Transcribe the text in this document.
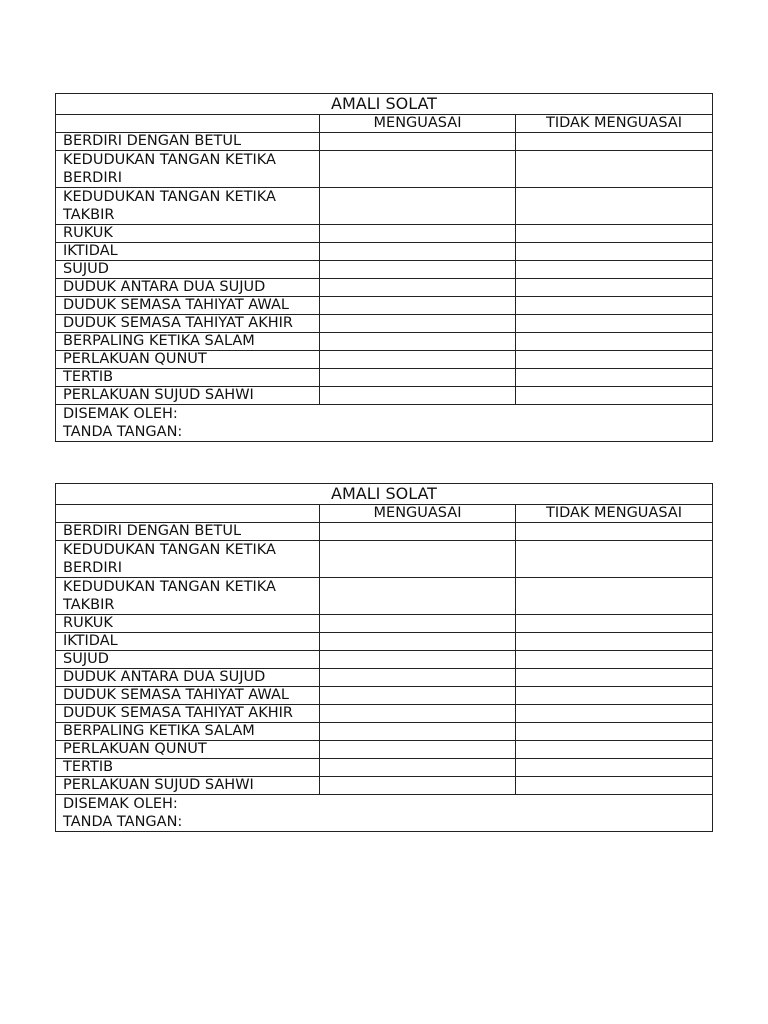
AMALI SOLAT		
	MENGUASAI	TIDAK MENGUASAI
BERDIRI DENGAN BETUL		
KEDUDUKAN TANGAN KETIKA BERDIRI		
KEDUDUKAN TANGAN KETIKA TAKBIR		
RUKUK		
IKTIDAL		
SUJUD		
DUDUK ANTARA DUA SUJUD		
DUDUK SEMASA TAHIYAT AWAL		
DUDUK SEMASA TAHIYAT AKHIR		
BERPALING KETIKA SALAM		
PERLAKUAN QUNUT		
TERTIB		
PERLAKUAN SUJUD SAHWI		

DISEMAK OLEH:
TANDA TANGAN:		
AMALI SOLAT		
	MENGUASAI	TIDAK MENGUASAI
BERDIRI DENGAN BETUL		
KEDUDUKAN TANGAN KETIKA BERDIRI		
KEDUDUKAN TANGAN KETIKA TAKBIR		
RUKUK		
IKTIDAL		
SUJUD		
DUDUK ANTARA DUA SUJUD		
DUDUK SEMASA TAHIYAT AWAL		
DUDUK SEMASA TAHIYAT AKHIR		
BERPALING KETIKA SALAM		
PERLAKUAN QUNUT		
TERTIB		
PERLAKUAN SUJUD SAHWI		

DISEMAK OLEH:
TANDA TANGAN:		
